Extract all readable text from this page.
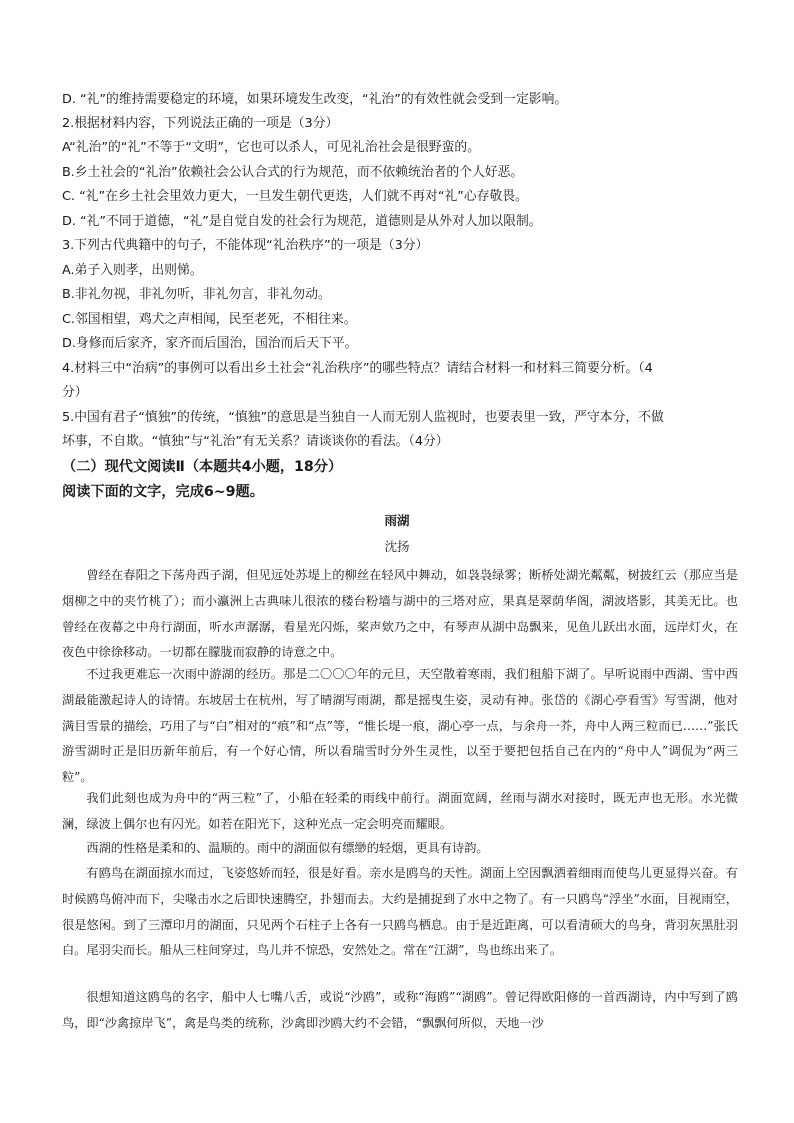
D. “礼”的维持需要稳定的环境，如果环境发生改变，“礼治”的有效性就会受到一定影响。
2.根据材料内容，下列说法正确的一项是（3分）
A“礼治”的“礼”不等于“文明”，它也可以杀人，可见礼治社会是很野蛮的。
B.乡土社会的“礼治”依赖社会公认合式的行为规范，而不依赖统治者的个人好恶。
C. “礼”在乡土社会里效力更大，一旦发生朝代更迭，人们就不再对“礼”心存敬畏。
D. “礼”不同于道德，“礼”是自觉自发的社会行为规范，道德则是从外对人加以限制。
3.下列古代典籍中的句子，不能体现“礼治秩序”的一项是（3分）
A.弟子入则孝，出则悌。
B.非礼勿视，非礼勿听，非礼勿言，非礼勿动。
C.邻国相望，鸡犬之声相闻，民至老死，不相往来。
D.身修而后家齐，家齐而后国治，国治而后天下平。
4.材料三中“治病”的事例可以看出乡土社会“礼治秩序”的哪些特点？请结合材料一和材料三简要分析。（4
分）
5.中国有君子“慎独”的传统，“慎独”的意思是当独自一人而无别人监视时，也要表里一致，严守本分，不做
坏事，不自欺。“慎独”与“礼治”有无关系？请谈谈你的看法。（4分）
（二）现代文阅读Ⅱ（本题共4小题，18分）
阅读下面的文字，完成6~9题。
雨湖
沈扬

曾经在春阳之下荡舟西子湖，但见远处苏堤上的柳丝在轻风中舞动，如袅袅绿雾；断桥处湖光粼粼，树披红云（那应当是烟柳之中的夹竹桃了）；而小瀛洲上古典味儿很浓的楼台粉墙与湖中的三塔对应，果真是翠荫华阁，湖波塔影，其美无比。也曾经在夜幕之中舟行湖面，听水声潺潺，看星光闪烁，桨声欸乃之中，有琴声从湖中岛飘来，见鱼儿跃出水面，远岸灯火，在夜色中徐徐移动。一切都在朦胧而寂静的诗意之中。

不过我更难忘一次雨中游湖的经历。那是二〇〇〇年的元旦，天空散着寒雨，我们租船下湖了。早听说雨中西湖、雪中西湖最能激起诗人的诗情。东坡居士在杭州，写了晴湖写雨湖，都是摇曳生姿，灵动有神。张岱的《湖心亭看雪》写雪湖，他对满目雪景的描绘，巧用了与“白”相对的“痕”和“点”等，“惟长堤一痕，湖心亭一点，与余舟一芥，舟中人两三粒而已……”张氏游雪湖时正是旧历新年前后，有一个好心情，所以看瑞雪时分外生灵性，以至于要把包括自己在内的“舟中人”调侃为“两三粒”。

我们此刻也成为舟中的“两三粒”了，小船在轻柔的雨线中前行。湖面宽阔，丝雨与湖水对接时，既无声也无形。水光微澜，绿波上偶尔也有闪光。如若在阳光下，这种光点一定会明亮而耀眼。

西湖的性格是柔和的、温顺的。雨中的湖面似有缥缈的轻烟，更具有诗韵。

有鸥鸟在湖面掠水而过，飞姿悠娇而轻，很是好看。亲水是鸥鸟的天性。湖面上空因飘洒着细雨而使鸟儿更显得兴奋。有时候鸥鸟俯冲而下，尖喙击水之后即快速腾空，扑翅而去。大约是捕捉到了水中之物了。有一只鸥鸟“浮坐”水面，目视雨空，很是悠闲。到了三潭印月的湖面，只见两个石柱子上各有一只鸥鸟栖息。由于是近距离，可以看清硕大的鸟身，背羽灰黑肚羽白。尾羽尖而长。船从三柱间穿过，鸟儿并不惊恐，安然处之。常在“江湖”，鸟也练出来了。

很想知道这鸥鸟的名字，船中人七嘴八舌，或说“沙鸥”，或称“海鸥”“湖鸥”。曾记得欧阳修的一首西湖诗，内中写到了鸥鸟，即“沙禽掠岸飞”，禽是鸟类的统称，沙禽即沙鸥大约不会错，“飘飘何所似，天地一沙
